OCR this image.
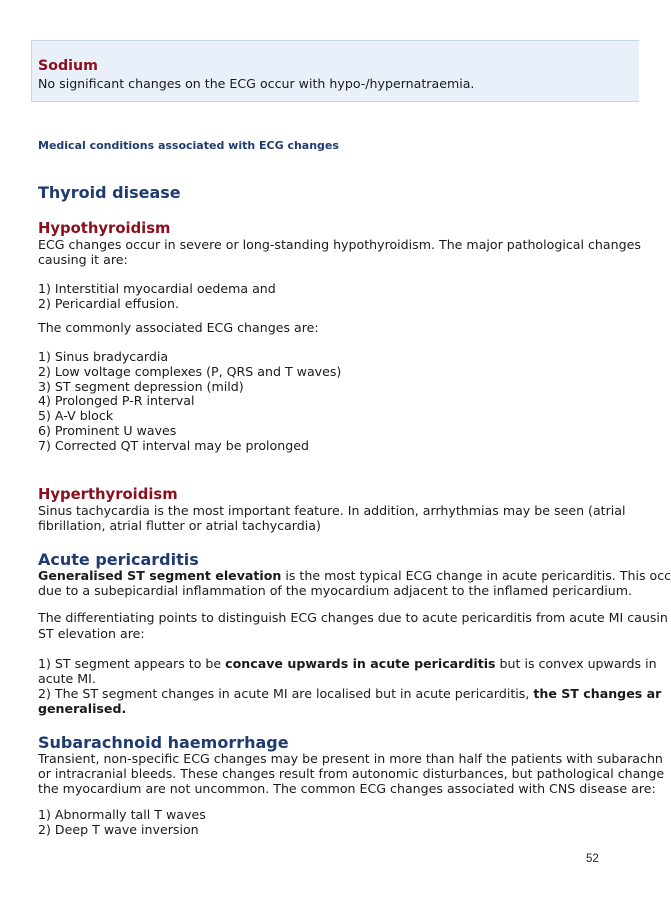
Sodium
No significant changes on the ECG occur with hypo-/hypernatraemia.
Medical conditions associated with ECG changes
Thyroid disease
Hypothyroidism
ECG changes occur in severe or long-standing hypothyroidism. The major pathological changes
causing it are:
1) Interstitial myocardial oedema and
2) Pericardial effusion.
The commonly associated ECG changes are:
1) Sinus bradycardia
2) Low voltage complexes (P, QRS and T waves)
3) ST segment depression (mild)
4) Prolonged P-R interval
5) A-V block
6) Prominent U waves
7) Corrected QT interval may be prolonged
Hyperthyroidism
Sinus tachycardia is the most important feature. In addition, arrhythmias may be seen (atrial
fibrillation, atrial flutter or atrial tachycardia)
Acute pericarditis
Generalised ST segment elevation is the most typical ECG change in acute pericarditis. This occ
due to a subepicardial inflammation of the myocardium adjacent to the inflamed pericardium.
The differentiating points to distinguish ECG changes due to acute pericarditis from acute MI causin
ST elevation are:
1) ST segment appears to be concave upwards in acute pericarditis but is convex upwards in
acute MI.
2) The ST segment changes in acute MI are localised but in acute pericarditis, the ST changes ar
generalised.
Subarachnoid haemorrhage
Transient, non-specific ECG changes may be present in more than half the patients with subarachn
or intracranial bleeds. These changes result from autonomic disturbances, but pathological change
the myocardium are not uncommon. The common ECG changes associated with CNS disease are:
1) Abnormally tall T waves
2) Deep T wave inversion
52
